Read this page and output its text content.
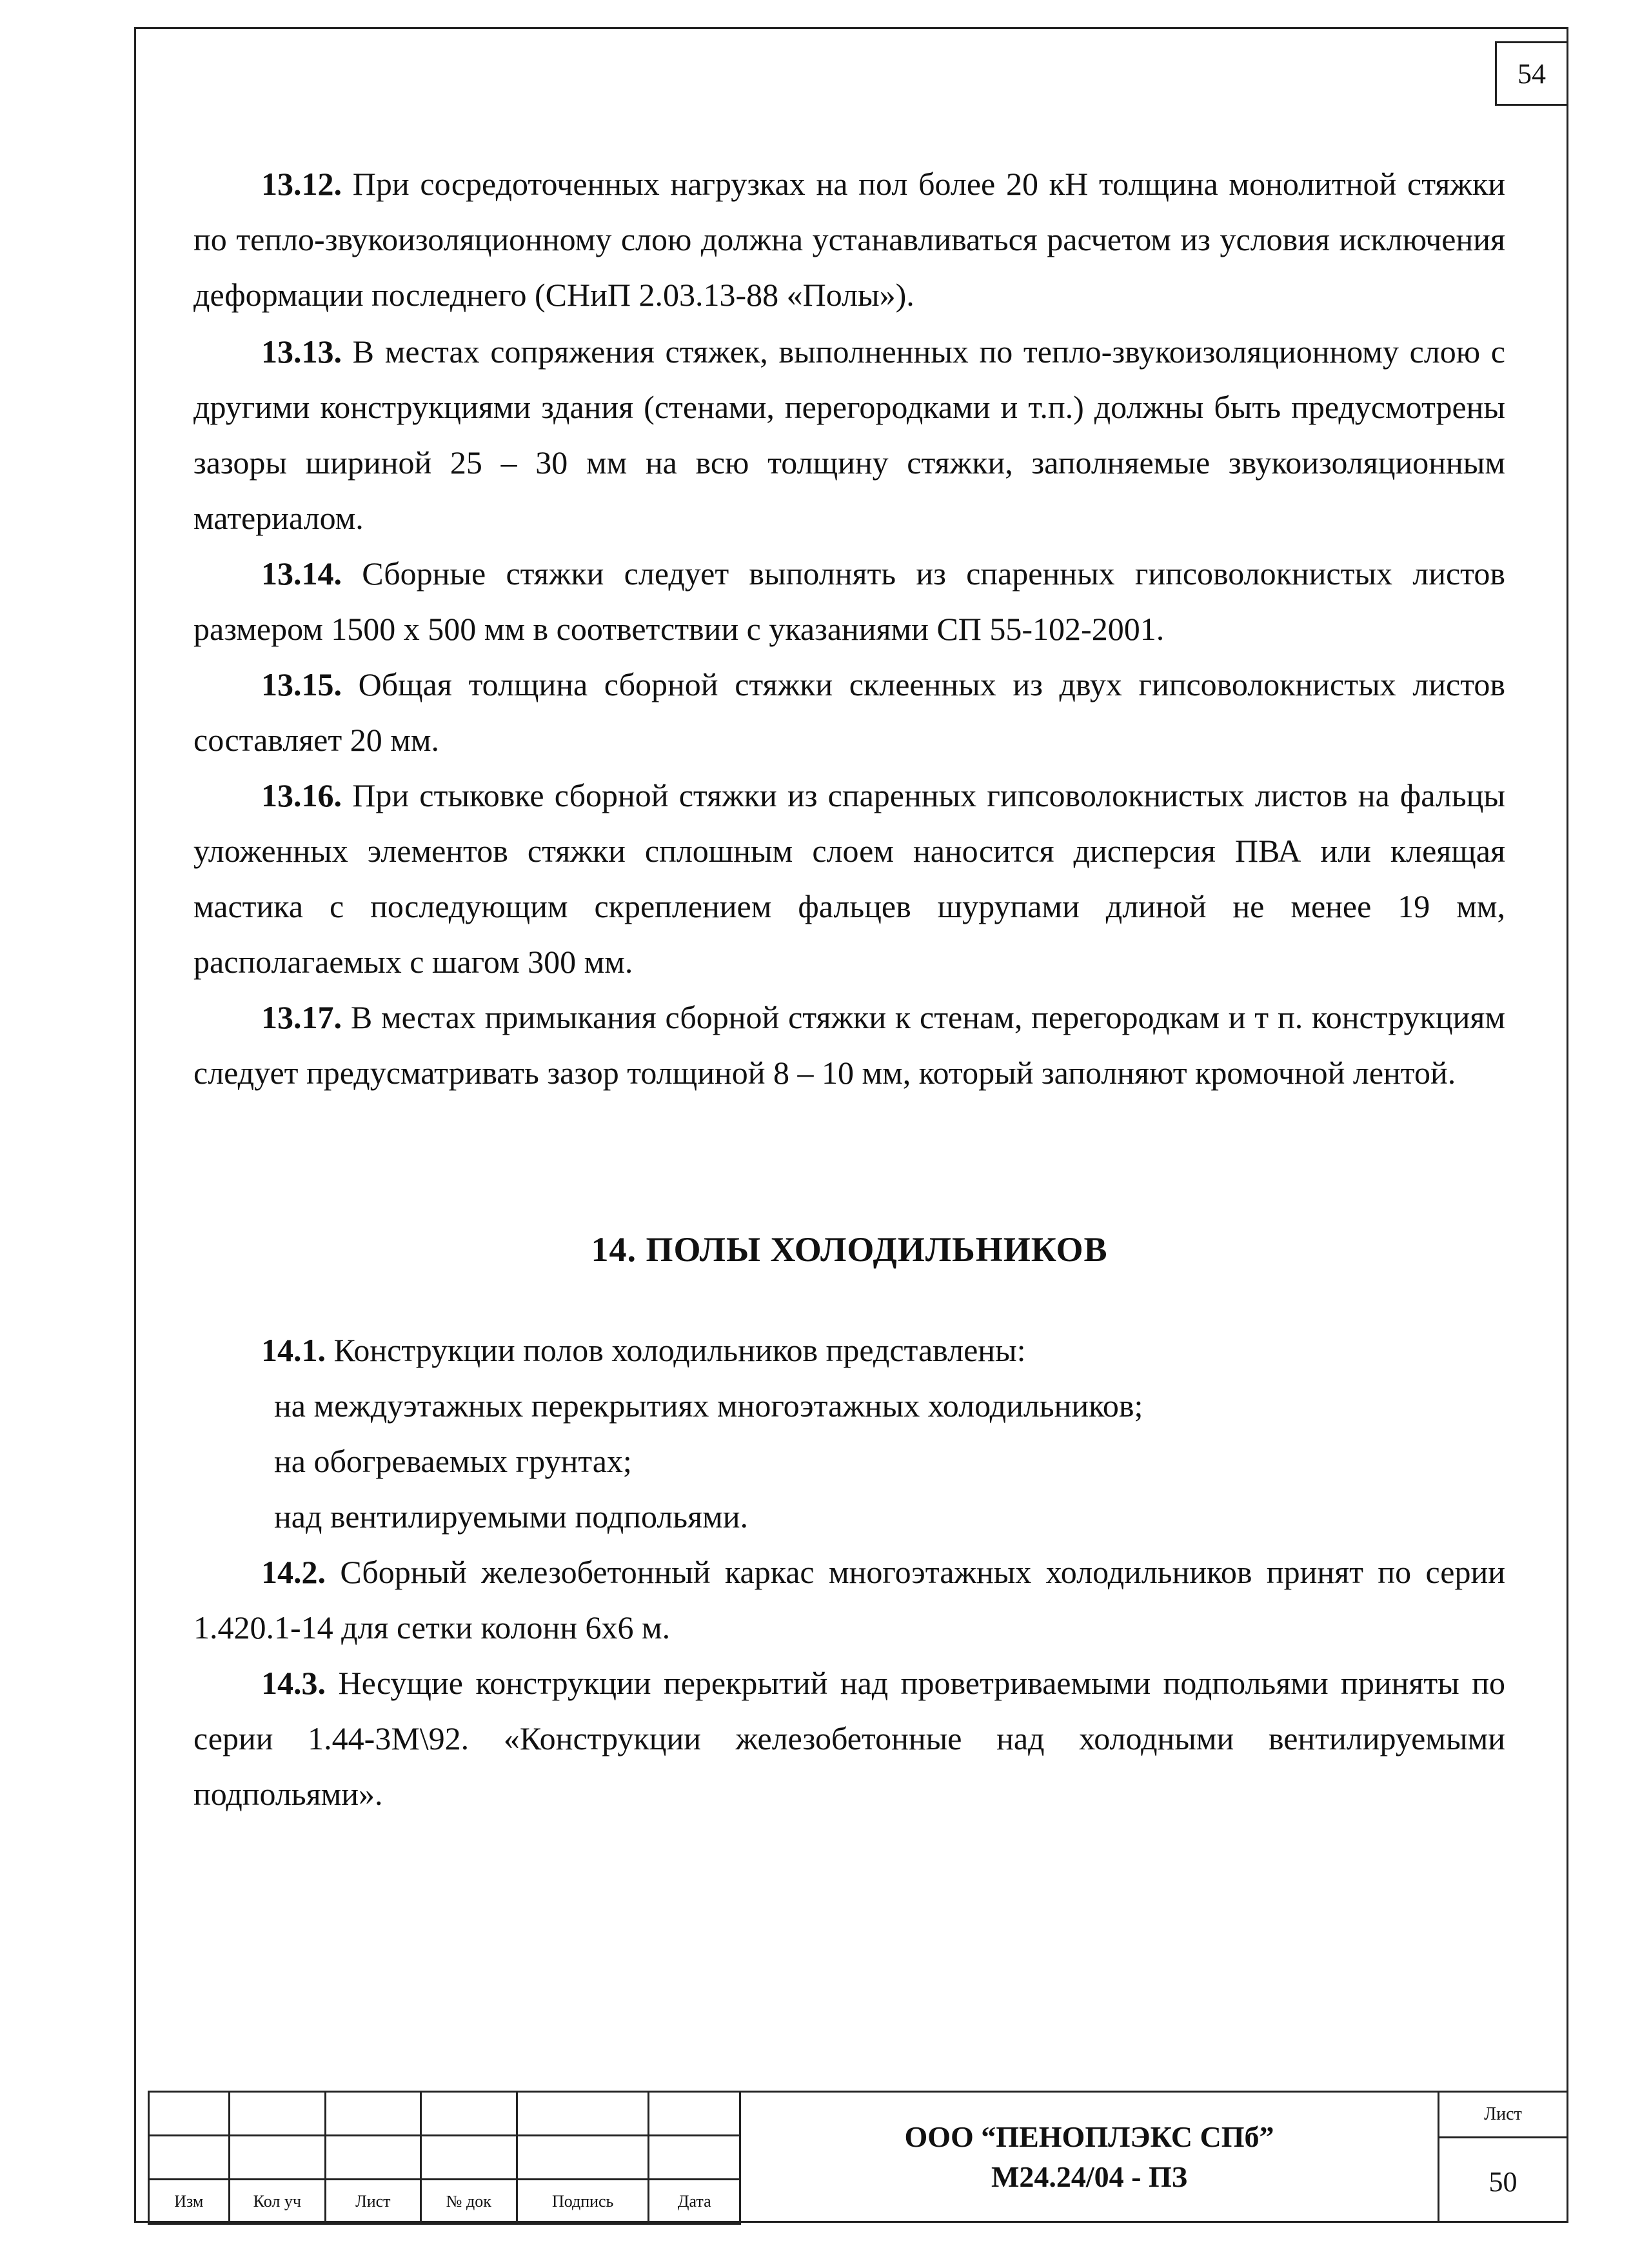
54

13.12. При сосредоточенных нагрузках на пол более 20 кН толщина монолитной стяжки по тепло-звукоизоляционному слою должна устанавливаться расчетом из условия исключения деформации последнего (СНиП 2.03.13-88 «Полы»).

13.13. В местах сопряжения стяжек, выполненных по тепло-звукоизоляционному слою с другими конструкциями здания (стенами, перегородками и т.п.) должны быть предусмотрены зазоры шириной 25 – 30 мм на всю толщину стяжки, заполняемые звукоизоляционным материалом.

13.14. Сборные стяжки следует выполнять из спаренных гипсоволокнистых листов размером 1500 х 500 мм в соответствии с указаниями СП 55-102-2001.

13.15. Общая толщина сборной стяжки склеенных из двух гипсоволокнистых листов составляет 20 мм.

13.16. При стыковке сборной стяжки из спаренных гипсоволокнистых листов на фальцы уложенных элементов стяжки сплошным слоем наносится дисперсия ПВА или клеящая мастика с последующим скреплением фальцев шурупами длиной не менее 19 мм, располагаемых с шагом 300 мм.

13.17. В местах примыкания сборной стяжки к стенам, перегородкам и т п. конструкциям следует предусматривать зазор толщиной 8 – 10 мм, который заполняют кромочной лентой.

14. ПОЛЫ ХОЛОДИЛЬНИКОВ

14.1. Конструкции полов холодильников представлены:

на междуэтажных перекрытиях многоэтажных холодильников;

на обогреваемых грунтах;

над вентилируемыми подпольями.

14.2. Сборный железобетонный каркас многоэтажных холодильников принят по серии 1.420.1-14 для сетки колонн 6х6 м.

14.3. Несущие конструкции перекрытий над проветриваемыми подпольями приняты по серии 1.44-3М\92. «Конструкции железобетонные над холодными вентилируемыми подпольями».

Изм	Кол уч	Лист	№ док	Подпись	Дата
ООО “ПЕНОПЛЭКС СПб”
М24.24/04 - ПЗ
Лист
50
